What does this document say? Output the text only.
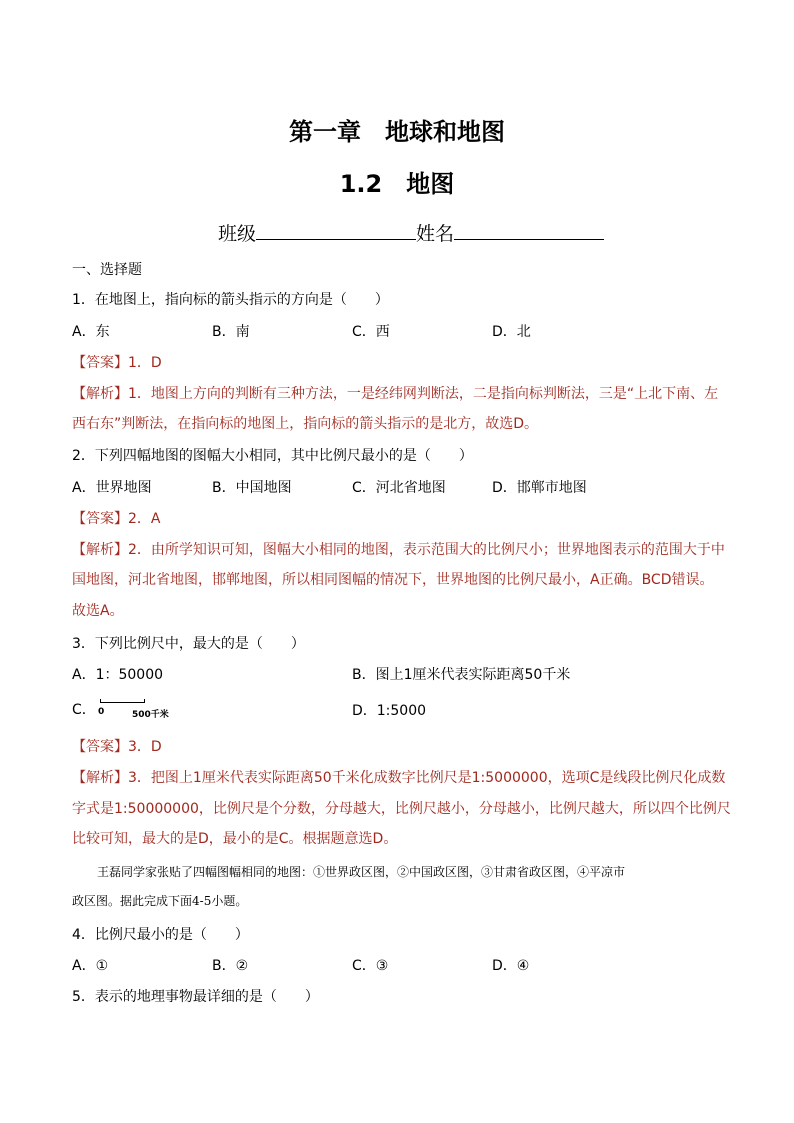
第一章　地球和地图
1.2　地图
班级	姓名
一、选择题
1．在地图上，指向标的箭头指示的方向是（　　）
A．东	B．南	C．西	D．北
【答案】1．D
【解析】1．地图上方向的判断有三种方法，一是经纬网判断法，二是指向标判断法，三是“上北下南、左
西右东”判断法，在指向标的地图上，指向标的箭头指示的是北方，故选D。
2．下列四幅地图的图幅大小相同，其中比例尺最小的是（　　）
A．世界地图	B．中国地图	C．河北省地图	D．邯郸市地图
【答案】2．A
【解析】2．由所学知识可知，图幅大小相同的地图，表示范围大的比例尺小；世界地图表示的范围大于中
国地图，河北省地图，邯郸地图，所以相同图幅的情况下，世界地图的比例尺最小，A正确。BCD错误。
故选A。
3．下列比例尺中，最大的是（　　）
A．1：50000	B．图上1厘米代表实际距离50千米
C． 0	500千米	D．1:5000
【答案】3．D
【解析】3．把图上1厘米代表实际距离50千米化成数字比例尺是1:5000000，选项C是线段比例尺化成数
字式是1:50000000，比例尺是个分数，分母越大，比例尺越小，分母越小，比例尺越大，所以四个比例尺
比较可知，最大的是D，最小的是C。根据题意选D。
王磊同学家张贴了四幅图幅相同的地图：①世界政区图，②中国政区图，③甘肃省政区图，④平凉市
政区图。据此完成下面4-5小题。
4．比例尺最小的是（　　）
A．①	B．②	C．③	D．④
5．表示的地理事物最详细的是（　　）
